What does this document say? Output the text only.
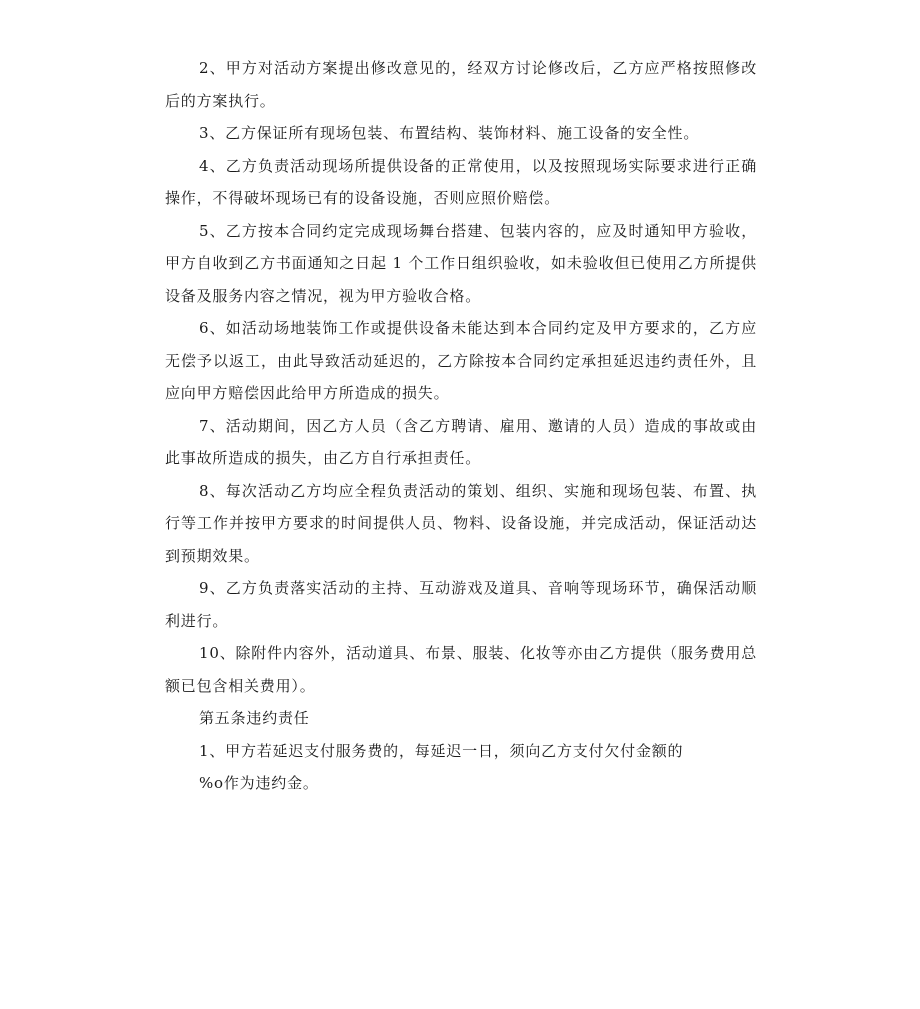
2、甲方对活动方案提出修改意见的，经双方讨论修改后，乙方应严格按照修改后的方案执行。

3、乙方保证所有现场包装、布置结构、装饰材料、施工设备的安全性。

4、乙方负责活动现场所提供设备的正常使用，以及按照现场实际要求进行正确操作，不得破坏现场已有的设备设施，否则应照价赔偿。

5、乙方按本合同约定完成现场舞台搭建、包装内容的，应及时通知甲方验收，甲方自收到乙方书面通知之日起 1 个工作日组织验收，如未验收但已使用乙方所提供设备及服务内容之情况，视为甲方验收合格。

6、如活动场地装饰工作或提供设备未能达到本合同约定及甲方要求的，乙方应无偿予以返工，由此导致活动延迟的，乙方除按本合同约定承担延迟违约责任外，且应向甲方赔偿因此给甲方所造成的损失。

7、活动期间，因乙方人员（含乙方聘请、雇用、邀请的人员）造成的事故或由此事故所造成的损失，由乙方自行承担责任。

8、每次活动乙方均应全程负责活动的策划、组织、实施和现场包装、布置、执行等工作并按甲方要求的时间提供人员、物料、设备设施，并完成活动，保证活动达到预期效果。

9、乙方负责落实活动的主持、互动游戏及道具、音响等现场环节，确保活动顺利进行。

10、除附件内容外，活动道具、布景、服装、化妆等亦由乙方提供（服务费用总额已包含相关费用）。

第五条违约责任

1、甲方若延迟支付服务费的，每延迟一日，须向乙方支付欠付金额的

%o作为违约金。
